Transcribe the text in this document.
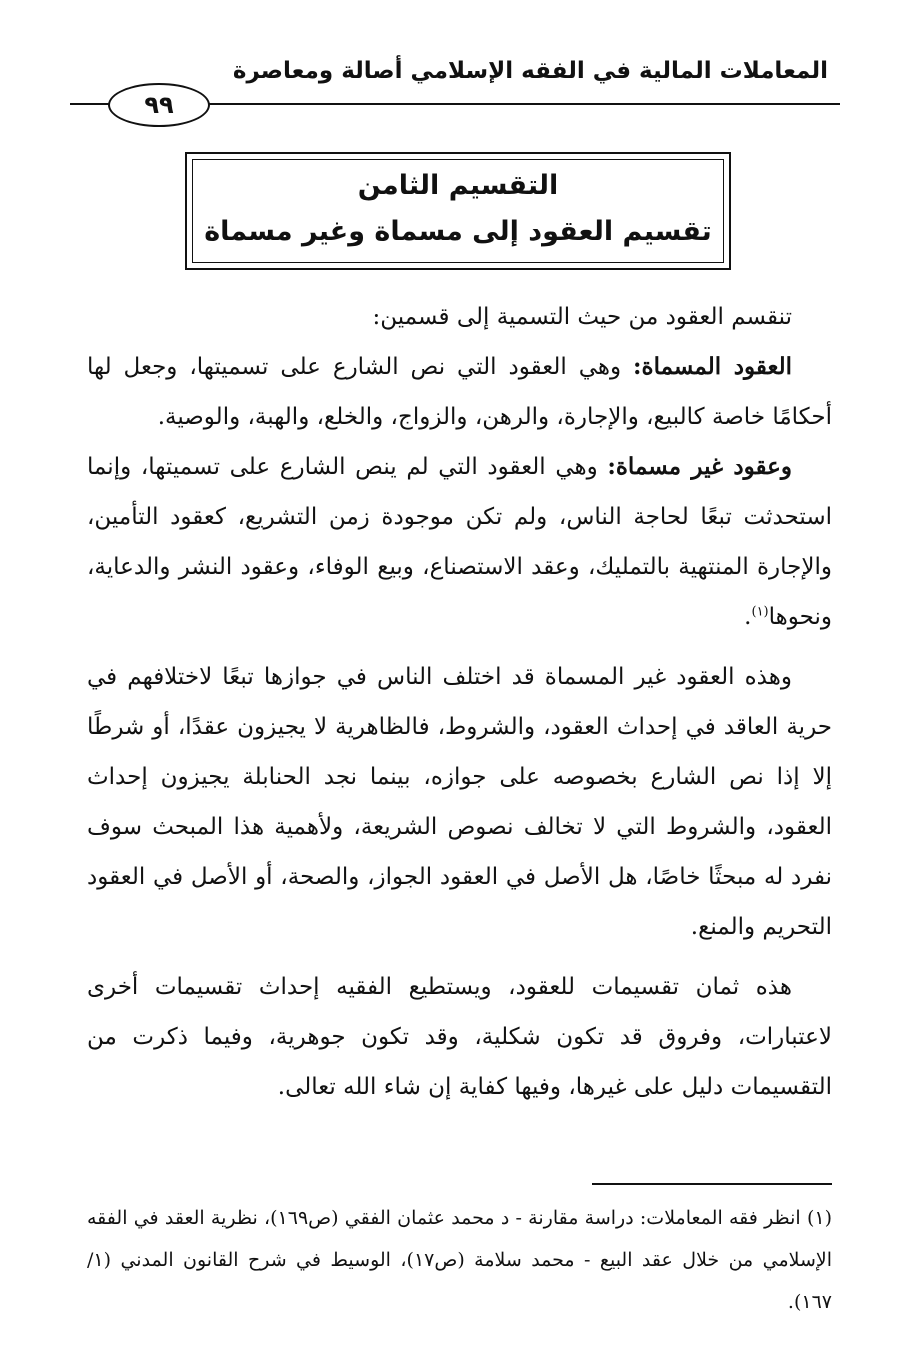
المعاملات المالية في الفقه الإسلامي أصالة ومعاصرة
٩٩
التقسيم الثامن
تقسيم العقود إلى مسماة وغير مسماة

تنقسم العقود من حيث التسمية إلى قسمين:

العقود المسماة: وهي العقود التي نص الشارع على تسميتها، وجعل لها أحكامًا خاصة كالبيع، والإجارة، والرهن، والزواج، والخلع، والهبة، والوصية.

وعقود غير مسماة: وهي العقود التي لم ينص الشارع على تسميتها، وإنما استحدثت تبعًا لحاجة الناس، ولم تكن موجودة زمن التشريع، كعقود التأمين، والإجارة المنتهية بالتمليك، وعقد الاستصناع، وبيع الوفاء، وعقود النشر والدعاية، ونحوها$^{(١)}$.

وهذه العقود غير المسماة قد اختلف الناس في جوازها تبعًا لاختلافهم في حرية العاقد في إحداث العقود، والشروط، فالظاهرية لا يجيزون عقدًا، أو شرطًا إلا إذا نص الشارع بخصوصه على جوازه، بينما نجد الحنابلة يجيزون إحداث العقود، والشروط التي لا تخالف نصوص الشريعة، ولأهمية هذا المبحث سوف نفرد له مبحثًا خاصًا، هل الأصل في العقود الجواز، والصحة، أو الأصل في العقود التحريم والمنع.

هذه ثمان تقسيمات للعقود، ويستطيع الفقيه إحداث تقسيمات أخرى لاعتبارات، وفروق قد تكون شكلية، وقد تكون جوهرية، وفيما ذكرت من التقسيمات دليل على غيرها، وفيها كفاية إن شاء الله تعالى.

(١) انظر فقه المعاملات: دراسة مقارنة - د محمد عثمان الفقي (ص١٦٩)، نظرية العقد في الفقه الإسلامي من خلال عقد البيع - محمد سلامة (ص١٧)، الوسيط في شرح القانون المدني (١/ ١٦٧).
